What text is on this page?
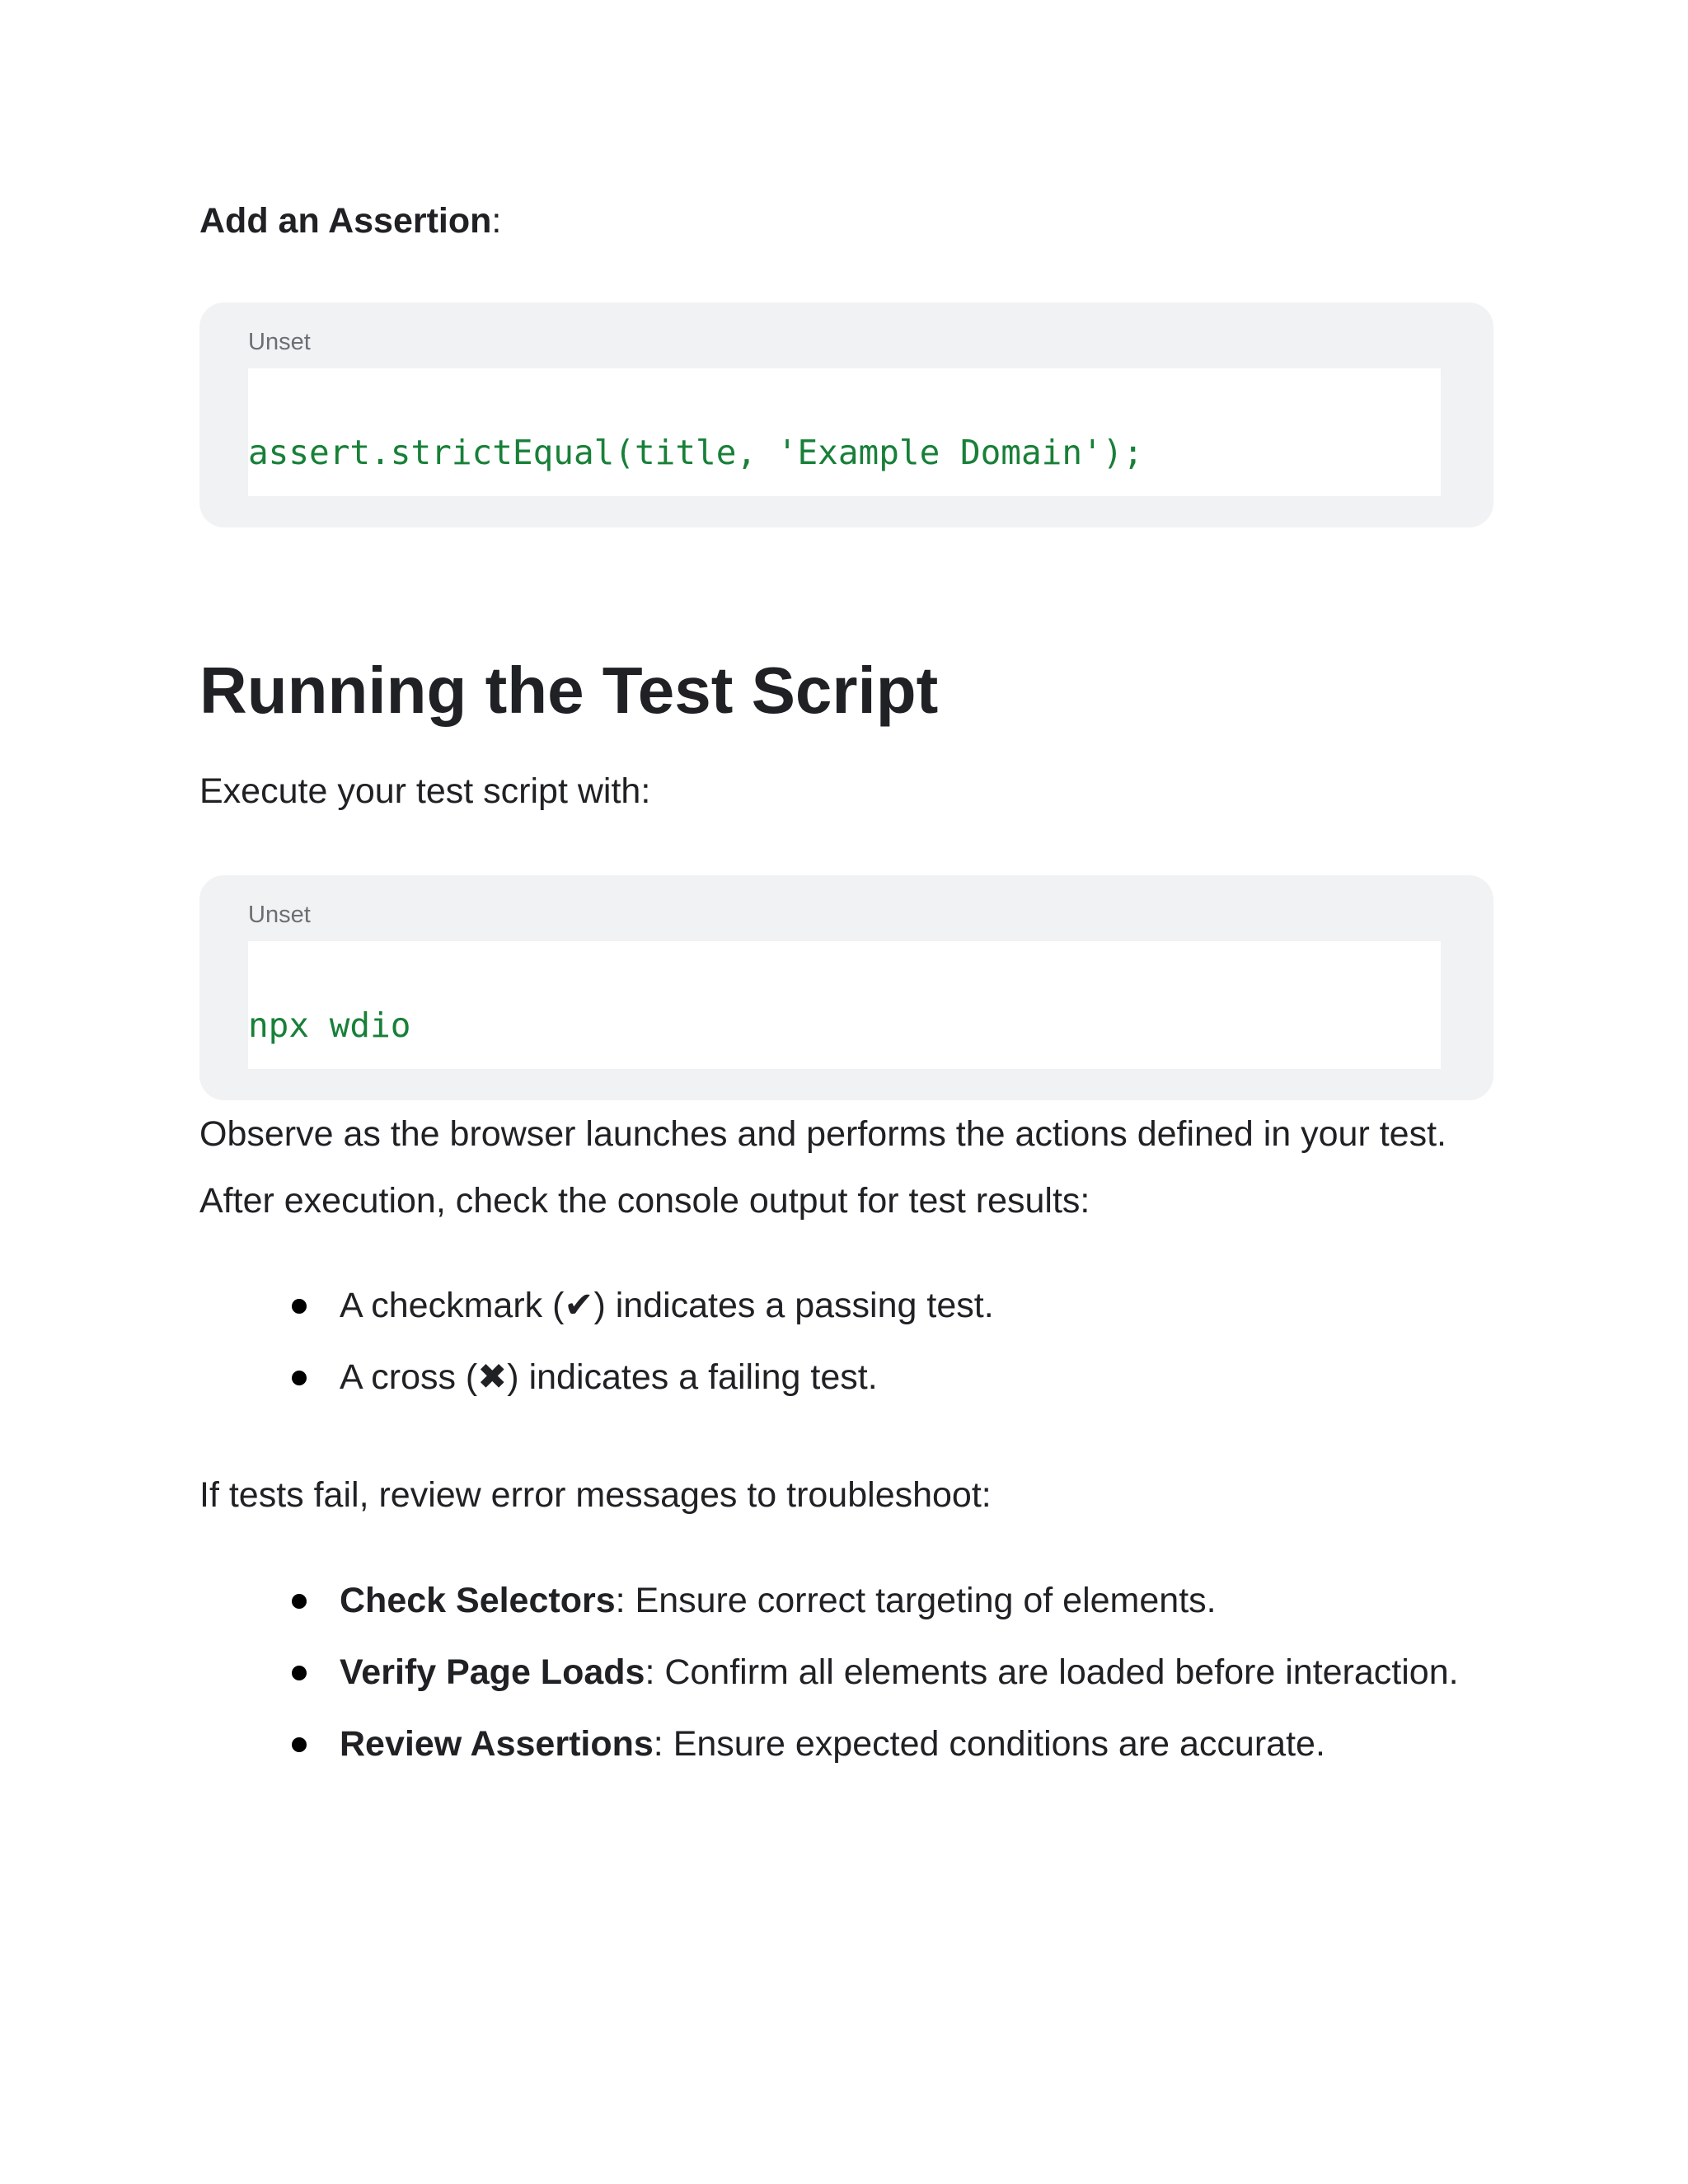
Add an Assertion:
Unset
assert.strictEqual(title, 'Example Domain');
Running the Test Script

Execute your test script with:

Unset
npx wdio

Observe as the browser launches and performs the actions defined in your test. After execution, check the console output for test results:

A checkmark (✔) indicates a passing test.
A cross (✖) indicates a failing test.

If tests fail, review error messages to troubleshoot:

Check Selectors: Ensure correct targeting of elements.
Verify Page Loads: Confirm all elements are loaded before interaction.
Review Assertions: Ensure expected conditions are accurate.
